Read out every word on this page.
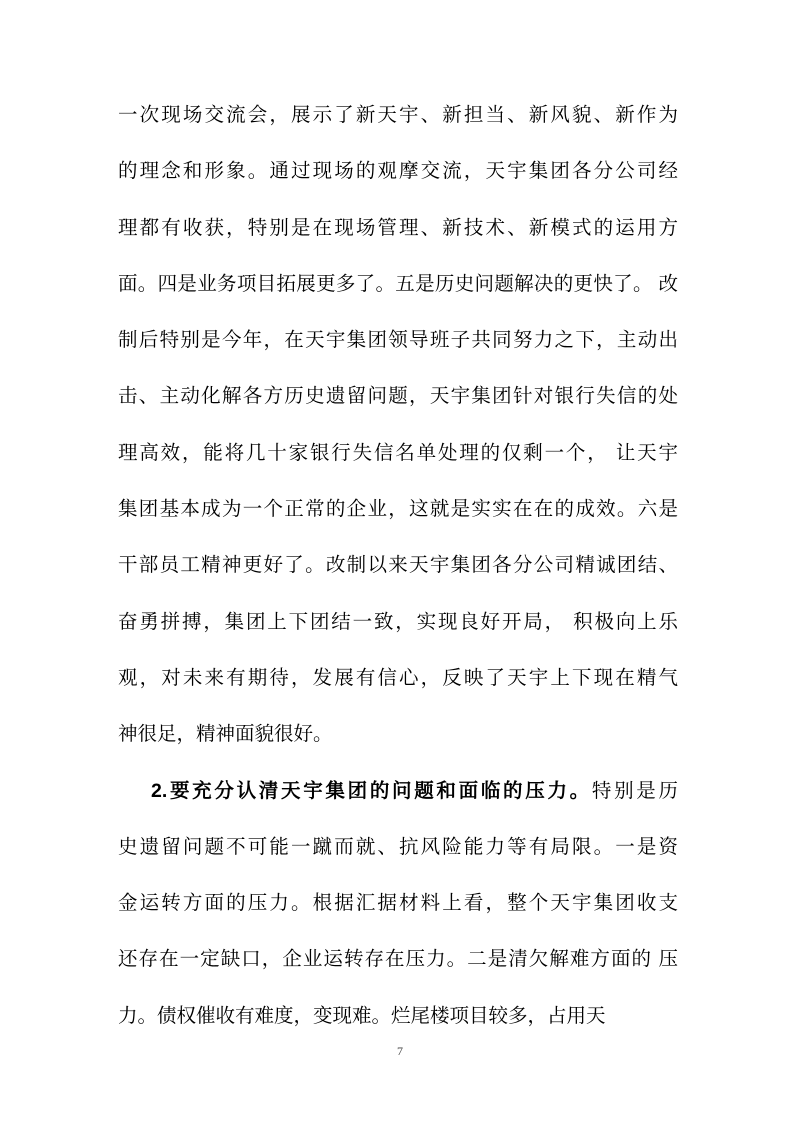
一次现场交流会，展示了新天宇、新担当、新风貌、新作为
的理念和形象。通过现场的观摩交流，天宇集团各分公司经
理都有收获，特别是在现场管理、新技术、新模式的运用方
面。四是业务项目拓展更多了。五是历史问题解决的更快了。 改
制后特别是今年，在天宇集团领导班子共同努力之下，主动出
击、主动化解各方历史遗留问题，天宇集团针对银行失信的处
理高效，能将几十家银行失信名单处理的仅剩一个， 让天宇
集团基本成为一个正常的企业，这就是实实在在的成效。六是
干部员工精神更好了。改制以来天宇集团各分公司精诚团结、
奋勇拼搏，集团上下团结一致，实现良好开局， 积极向上乐
观，对未来有期待，发展有信心，反映了天宇上下现在精气
神很足，精神面貌很好。

2.要充分认清天宇集团的问题和面临的压力。特别是历
史遗留问题不可能一蹴而就、抗风险能力等有局限。一是资
金运转方面的压力。根据汇据材料上看，整个天宇集团收支
还存在一定缺口，企业运转存在压力。二是清欠解难方面的 压
力。债权催收有难度，变现难。烂尾楼项目较多，占用天

7
